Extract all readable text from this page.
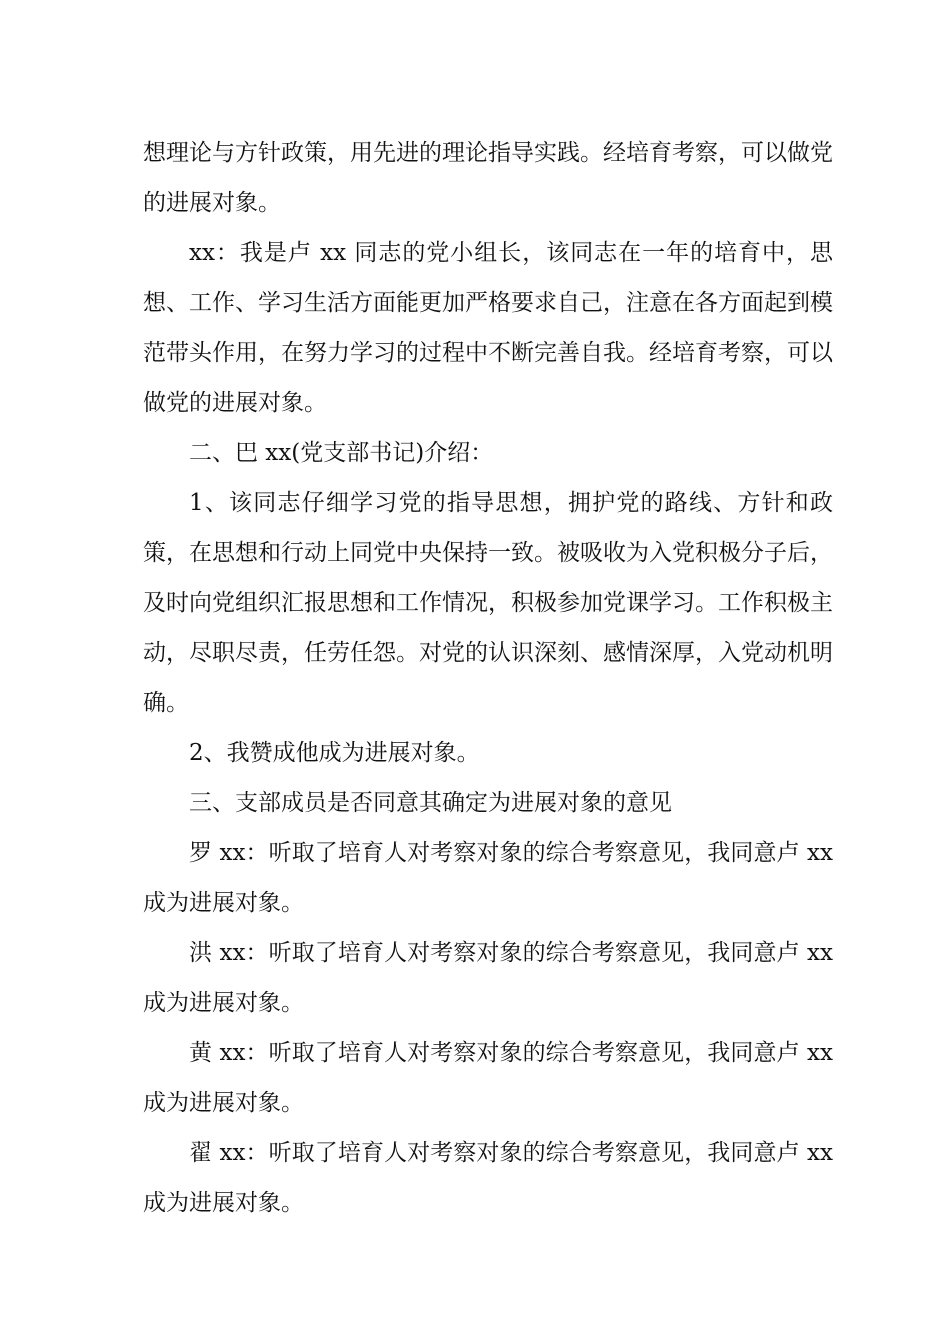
想理论与方针政策，用先进的理论指导实践。经培育考察，可以做党的进展对象。

xx：我是卢 xx 同志的党小组长，该同志在一年的培育中，思想、工作、学习生活方面能更加严格要求自己，注意在各方面起到模范带头作用，在努力学习的过程中不断完善自我。经培育考察，可以做党的进展对象。

二、巴 xx(党支部书记)介绍：

1、该同志仔细学习党的指导思想，拥护党的路线、方针和政策，在思想和行动上同党中央保持一致。被吸收为入党积极分子后，及时向党组织汇报思想和工作情况，积极参加党课学习。工作积极主动，尽职尽责，任劳任怨。对党的认识深刻、感情深厚，入党动机明确。

2、我赞成他成为进展对象。

三、支部成员是否同意其确定为进展对象的意见

罗 xx：听取了培育人对考察对象的综合考察意见，我同意卢 xx 成为进展对象。

洪 xx：听取了培育人对考察对象的综合考察意见，我同意卢 xx 成为进展对象。

黄 xx：听取了培育人对考察对象的综合考察意见，我同意卢 xx 成为进展对象。

翟 xx：听取了培育人对考察对象的综合考察意见，我同意卢 xx 成为进展对象。
